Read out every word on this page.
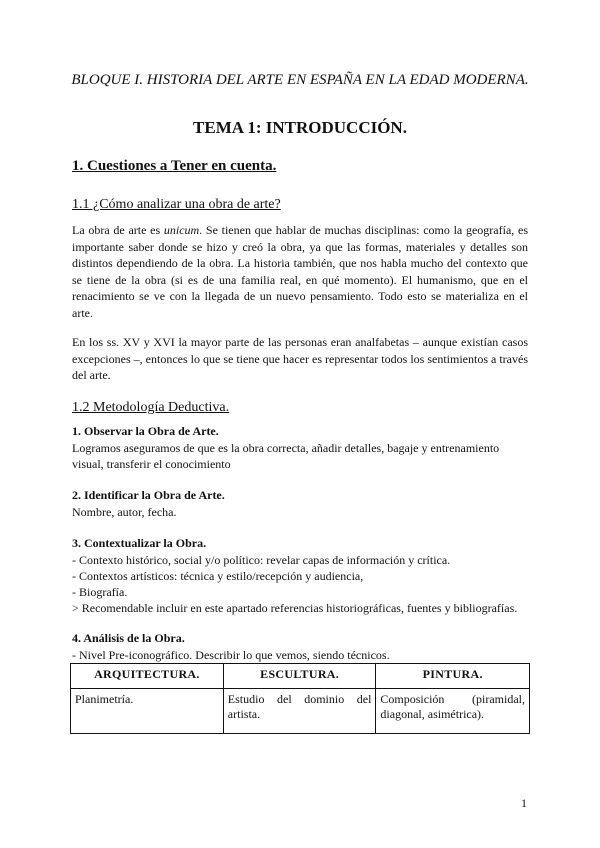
BLOQUE I. HISTORIA DEL ARTE EN ESPAÑA EN LA EDAD MODERNA.
TEMA 1: INTRODUCCIÓN.
1. Cuestiones a Tener en cuenta.
1.1 ¿Cómo analizar una obra de arte?
La obra de arte es unicum. Se tienen que hablar de muchas disciplinas: como la geografía, es importante saber donde se hizo y creó la obra, ya que las formas, materiales y detalles son distintos dependiendo de la obra. La historia también, que nos habla mucho del contexto que se tiene de la obra (si es de una familia real, en qué momento). El humanismo, que en el renacimiento se ve con la llegada de un nuevo pensamiento. Todo esto se materializa en el arte.
En los ss. XV y XVI la mayor parte de las personas eran analfabetas – aunque existían casos excepciones –, entonces lo que se tiene que hacer es representar todos los sentimientos a través del arte.
1.2 Metodología Deductiva.
1. Observar la Obra de Arte.
Logramos aseguramos de que es la obra correcta, añadir detalles, bagaje y entrenamiento visual, transferir el conocimiento
2. Identificar la Obra de Arte.
Nombre, autor, fecha.
3. Contextualizar la Obra.
- Contexto histórico, social y/o político: revelar capas de información y crítica.
- Contextos artísticos: técnica y estilo/recepción y audiencia,
- Biografía.
> Recomendable incluir en este apartado referencias historiográficas, fuentes y bibliografías.
4. Análisis de la Obra.
- Nivel Pre-iconográfico. Describir lo que vemos, siendo técnicos.
ARQUITECTURA.	ESCULTURA.	PINTURA.
Planimetría.	Estudio del dominio del artista.	Composición (piramidal, diagonal, asimétrica).
1
